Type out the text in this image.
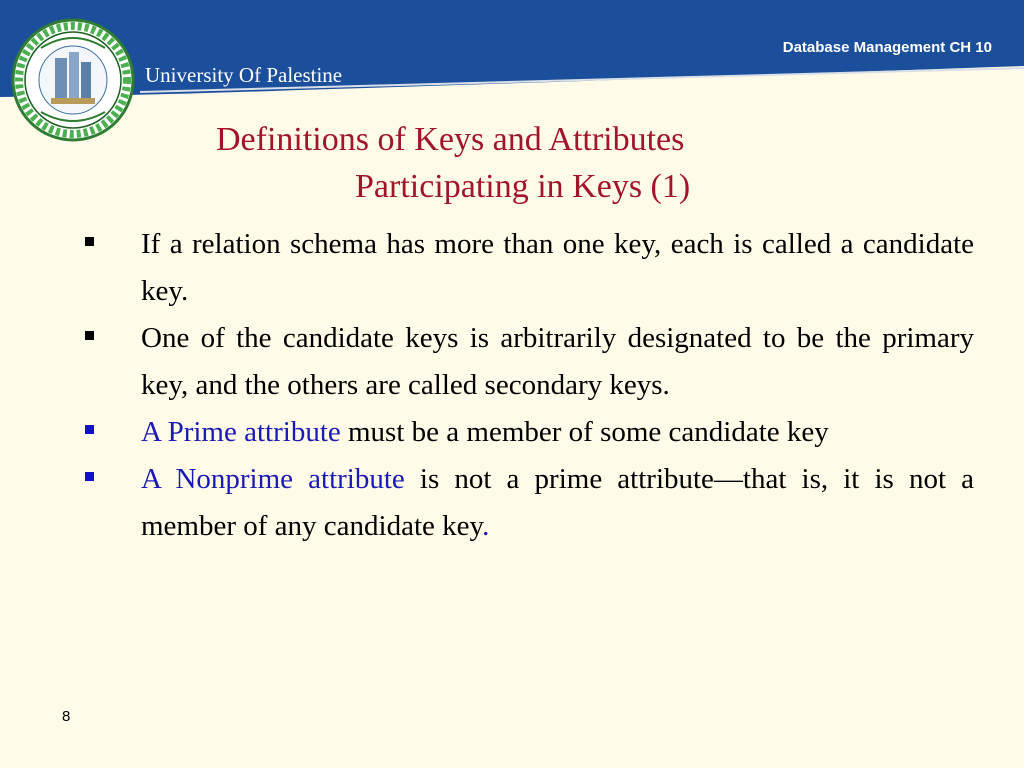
Database Management CH 10
University Of Palestine
Definitions of Keys and Attributes
Participating in Keys (1)
If a relation schema has more than one key, each is called a candidate key.
One of the candidate keys is arbitrarily designated to be the primary key, and the others are called secondary keys.
A Prime attribute must be a member of some candidate key
A Nonprime attribute is not a prime attribute—that is, it is not a member of any candidate key.
8
